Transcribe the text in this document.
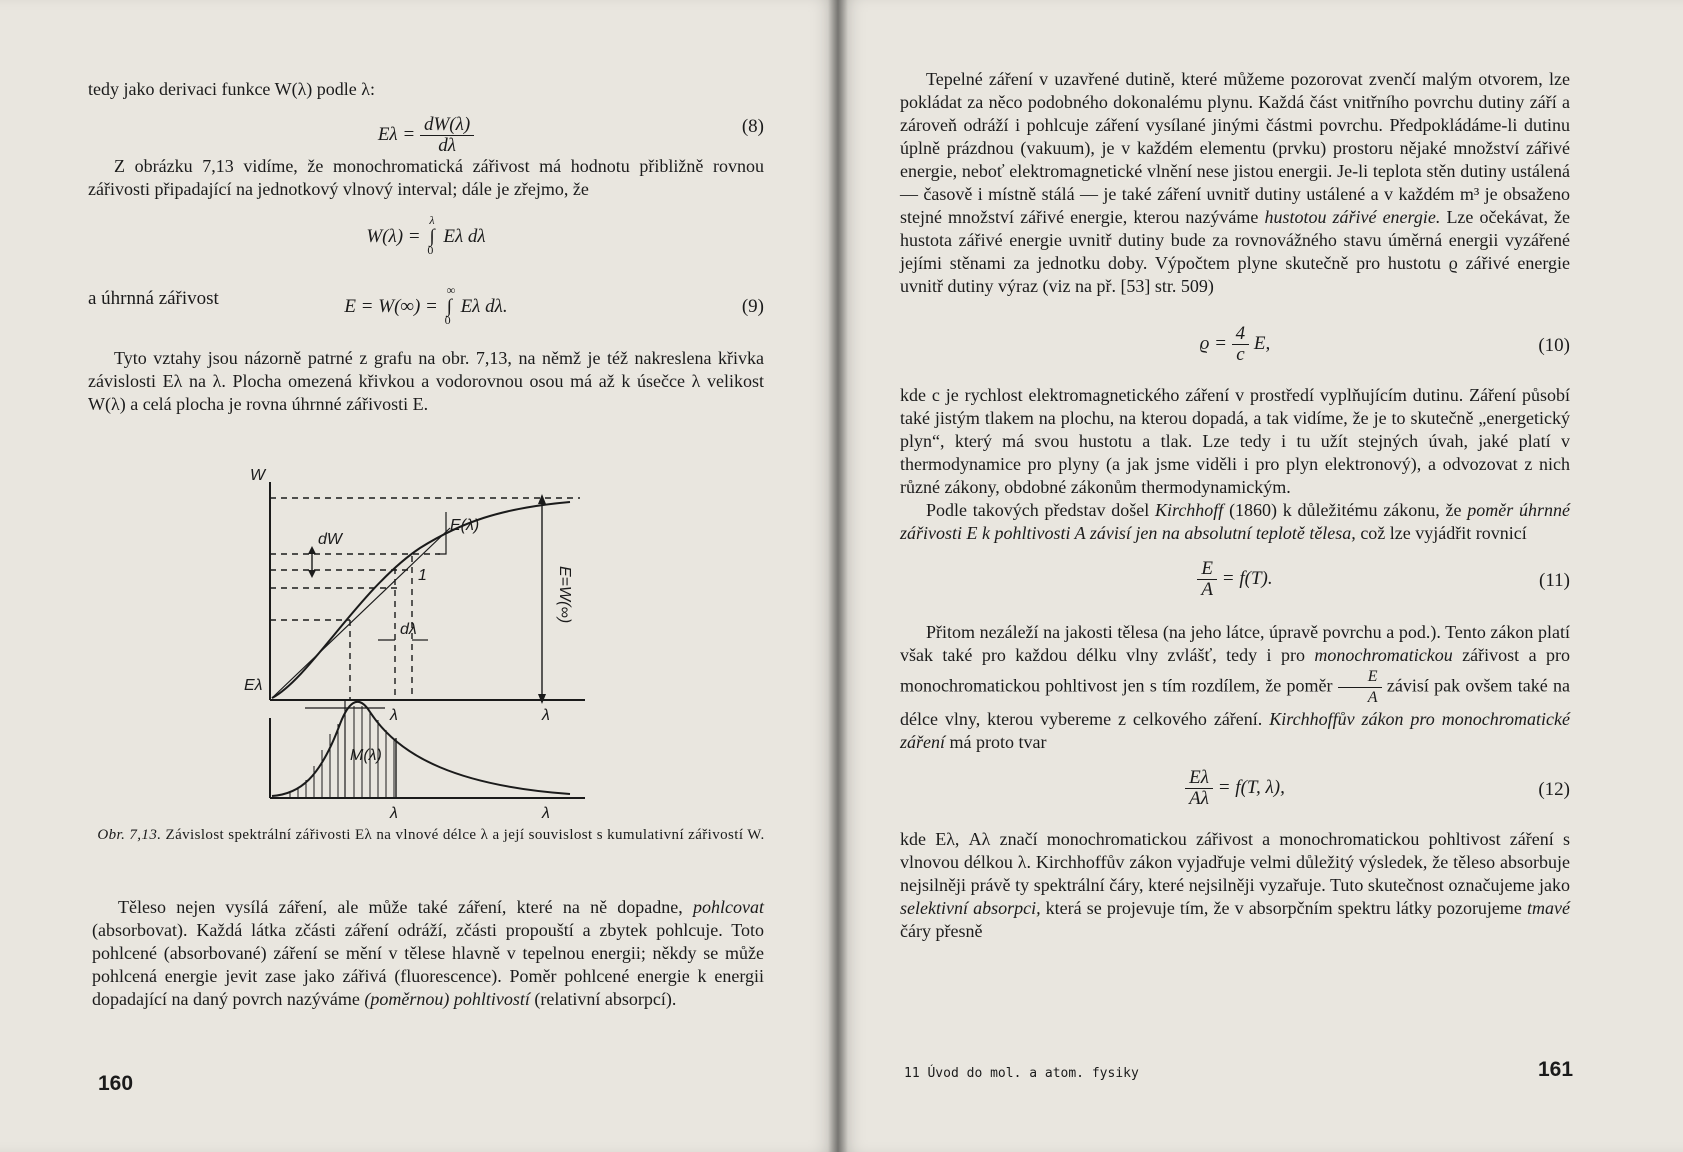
tedy jako derivaci funkce W(λ) podle λ:

$E\lambda = \frac{dW(\lambda)}{d\lambda}$	(8)

Z obrázku 7,13 vidíme, že monochromatická zářivost má hodnotu přibližně rovnou zářivosti připadající na jednotkový vlnový interval; dále je zřejmo, že

W(λ) = ∫
λ
0
Eλ dλ
a úhrnná zářivost	E = W(∞) = ∫
∞
0
Eλ dλ.	(9)

Tyto vztahy jsou názorně patrné z grafu na obr. 7,13, na němž je též nakreslena křivka závislosti Eλ na λ. Plocha omezená křivkou a vodorovnou osou má až k úsečce λ velikost W(λ) a celá plocha je rovna úhrnné zářivosti E.

W
dW
E(λ)
1	E=W(∞)
dλ
λ	λ
Eλ
M(λ)
λ	λ
Obr. 7,13. Závislost spektrální zářivosti Eλ na vlnové délce λ a její souvislost s kumulativní zářivostí W.

Těleso nejen vysílá záření, ale může také záření, které na ně dopadne, pohlcovat (absorbovat). Každá látka zčásti záření odráží, zčásti propouští a zbytek pohlcuje. Toto pohlcené (absorbované) záření se mění v tělese hlavně v tepelnou energii; někdy se může pohlcená energie jevit zase jako zářivá (fluorescence). Poměr pohlcené energie k energii dopadající na daný povrch nazýváme (poměrnou) pohltivostí (relativní absorpcí).

160

Tepelné záření v uzavřené dutině, které můžeme pozorovat zvenčí malým otvorem, lze pokládat za něco podobného dokonalému plynu. Každá část vnitřního povrchu dutiny září a zároveň odráží i pohlcuje záření vysílané jinými částmi povrchu. Předpokládáme-li dutinu úplně prázdnou (vakuum), je v každém elementu (prvku) prostoru nějaké množství zářivé energie, neboť elektromagnetické vlnění nese jistou energii. Je-li teplota stěn dutiny ustálená — časově i místně stálá — je také záření uvnitř dutiny ustálené a v každém m³ je obsaženo stejné množství zářivé energie, kterou nazýváme hustotou zářivé energie. Lze očekávat, že hustota zářivé energie uvnitř dutiny bude za rovnovážného stavu úměrná energii vyzářené jejími stěnami za jednotku doby. Výpočtem plyne skutečně pro hustotu ϱ zářivé energie uvnitř dutiny výraz (viz na př. [53] str. 509)

$ϱ = \frac{4}{c} E$,	(10)

kde c je rychlost elektromagnetického záření v prostředí vyplňujícím dutinu. Záření působí také jistým tlakem na plochu, na kterou dopadá, a tak vidíme, že je to skutečně „energetický plyn“, který má svou hustotu a tlak. Lze tedy i tu užít stejných úvah, jaké platí v thermodynamice pro plyny (a jak jsme viděli i pro plyn elektronový), a odvozovat z nich různé zákony, obdobné zákonům thermodynamickým.

Podle takových představ došel Kirchhoff (1860) k důležitému zákonu, že poměr úhrnné zářivosti E k pohltivosti A závisí jen na absolutní teplotě tělesa, což lze vyjádřit rovnicí

$\frac{E}{A} = f(T)$.	(11)

Přitom nezáleží na jakosti tělesa (na jeho látce, úpravě povrchu a pod.). Tento zákon platí však také pro každou délku vlny zvlášť, tedy i pro monochromatickou zářivost a pro monochromatickou pohltivost jen s tím rozdílem, že poměr $\frac{E}{A}$ závisí pak ovšem také na délce vlny, kterou vybereme z celkového záření. Kirchhoffův zákon pro monochromatické záření má proto tvar

$\frac{E\lambda}{A\lambda} = f(T$, λ),	(12)

kde Eλ, Aλ značí monochromatickou zářivost a monochromatickou pohltivost záření s vlnovou délkou λ. Kirchhoffův zákon vyjadřuje velmi důležitý výsledek, že těleso absorbuje nejsilněji právě ty spektrální čáry, které nejsilněji vyzařuje. Tuto skutečnost označujeme jako selektivní absorpci, která se projevuje tím, že v absorpčním spektru látky pozorujeme tmavé čáry přesně

11 Úvod do mol. a atom. fysiky	161
